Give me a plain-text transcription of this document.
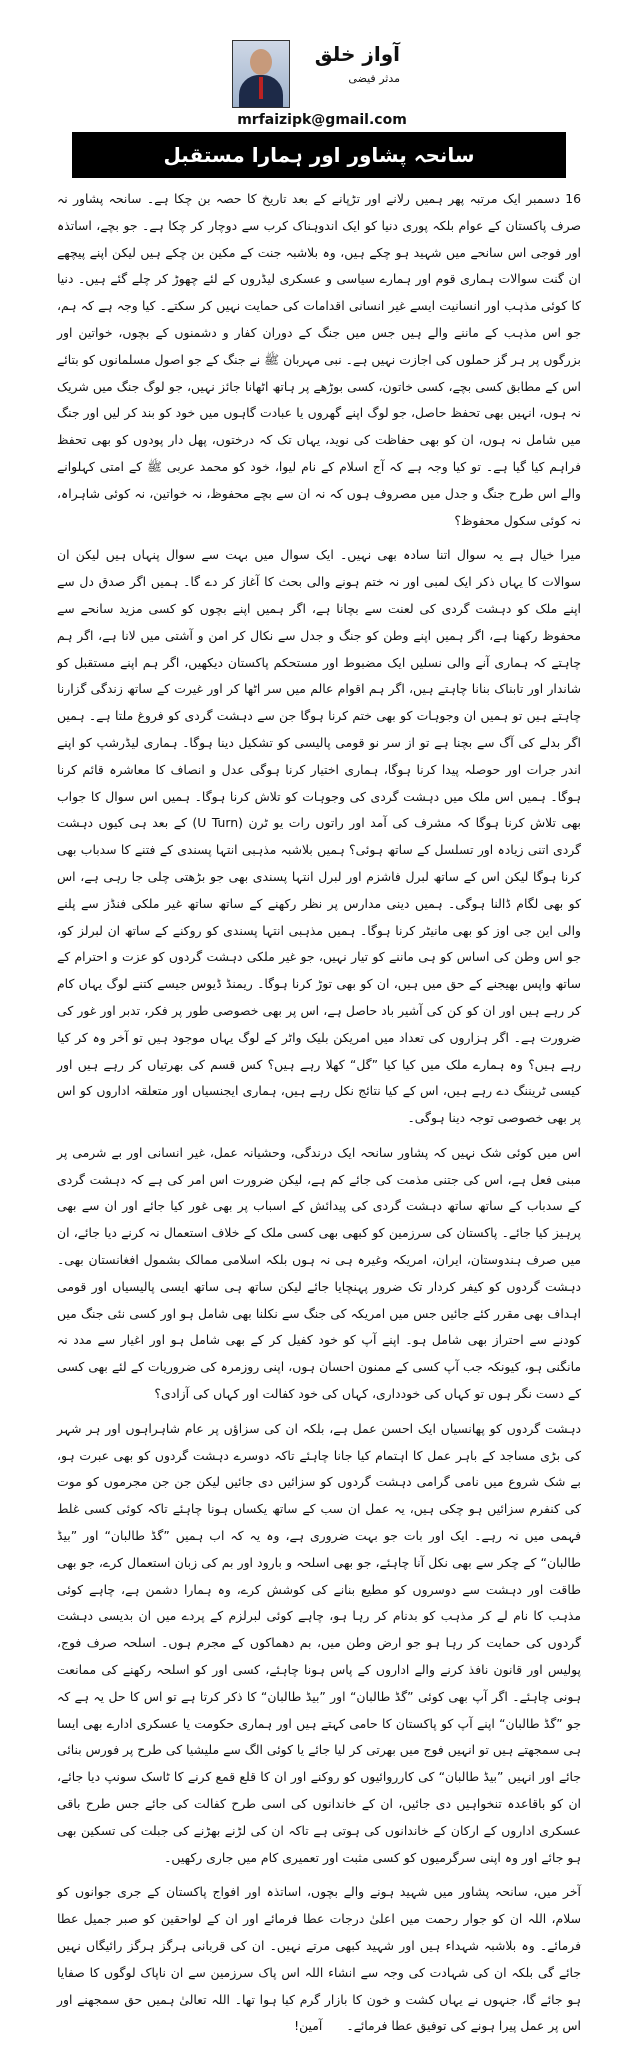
آواز خلق
مدثر فیضی
mrfaizipk@gmail.com
سانحہ پشاور اور ہمارا مستقبل

16 دسمبر ایک مرتبہ پھر ہمیں رلانے اور تڑپانے کے بعد تاریخ کا حصہ بن چکا ہے۔ سانحہ پشاور نہ صرف پاکستان کے عوام بلکہ پوری دنیا کو ایک اندوہناک کرب سے دوچار کر چکا ہے۔ جو بچے، اساتذہ اور فوجی اس سانحے میں شہید ہو چکے ہیں، وہ بلاشبہ جنت کے مکین بن چکے ہیں لیکن اپنے پیچھے ان گنت سوالات ہماری قوم اور ہمارے سیاسی و عسکری لیڈروں کے لئے چھوڑ کر چلے گئے ہیں۔ دنیا کا کوئی مذہب اور انسانیت ایسے غیر انسانی اقدامات کی حمایت نہیں کر سکتے۔ کیا وجہ ہے کہ ہم، جو اس مذہب کے ماننے والے ہیں جس میں جنگ کے دوران کفار و دشمنوں کے بچوں، خواتین اور بزرگوں پر ہر گز حملوں کی اجازت نہیں ہے۔ نبی مہربان ﷺ نے جنگ کے جو اصول مسلمانوں کو بتائے اس کے مطابق کسی بچے، کسی خاتون، کسی بوڑھے پر ہاتھ اٹھانا جائز نہیں، جو لوگ جنگ میں شریک نہ ہوں، انہیں بھی تحفظ حاصل، جو لوگ اپنے گھروں یا عبادت گاہوں میں خود کو بند کر لیں اور جنگ میں شامل نہ ہوں، ان کو بھی حفاظت کی نوید، یہاں تک کہ درختوں، پھل دار پودوں کو بھی تحفظ فراہم کیا گیا ہے۔ تو کیا وجہ ہے کہ آج اسلام کے نام لیوا، خود کو محمد عربی ﷺ کے امتی کہلوانے والے اس طرح جنگ و جدل میں مصروف ہوں کہ نہ ان سے بچے محفوظ، نہ خواتین، نہ کوئی شاہراہ، نہ کوئی سکول محفوظ؟

میرا خیال ہے یہ سوال اتنا سادہ بھی نہیں۔ ایک سوال میں بہت سے سوال پنہاں ہیں لیکن ان سوالات کا یہاں ذکر ایک لمبی اور نہ ختم ہونے والی بحث کا آغاز کر دے گا۔ ہمیں اگر صدق دل سے اپنے ملک کو دہشت گردی کی لعنت سے بچانا ہے، اگر ہمیں اپنے بچوں کو کسی مزید سانحے سے محفوظ رکھنا ہے، اگر ہمیں اپنے وطن کو جنگ و جدل سے نکال کر امن و آشتی میں لانا ہے، اگر ہم چاہتے کہ ہماری آنے والی نسلیں ایک مضبوط اور مستحکم پاکستان دیکھیں، اگر ہم اپنے مستقبل کو شاندار اور تابناک بنانا چاہتے ہیں، اگر ہم اقوام عالم میں سر اٹھا کر اور غیرت کے ساتھ زندگی گزارنا چاہتے ہیں تو ہمیں ان وجوہات کو بھی ختم کرنا ہوگا جن سے دہشت گردی کو فروغ ملتا ہے۔ ہمیں اگر بدلے کی آگ سے بچنا ہے تو از سر نو قومی پالیسی کو تشکیل دینا ہوگا۔ ہماری لیڈرشپ کو اپنے اندر جرات اور حوصلہ پیدا کرنا ہوگا، ہماری اختیار کرنا ہوگی عدل و انصاف کا معاشرہ قائم کرنا ہوگا۔ ہمیں اس ملک میں دہشت گردی کی وجوہات کو تلاش کرنا ہوگا۔ ہمیں اس سوال کا جواب بھی تلاش کرنا ہوگا کہ مشرف کی آمد اور راتوں رات یو ٹرن (U Turn) کے بعد ہی کیوں دہشت گردی اتنی زیادہ اور تسلسل کے ساتھ ہوئی؟ ہمیں بلاشبہ مذہبی انتہا پسندی کے فتنے کا سدباب بھی کرنا ہوگا لیکن اس کے ساتھ لبرل فاشزم اور لبرل انتہا پسندی بھی جو بڑھتی چلی جا رہی ہے، اس کو بھی لگام ڈالنا ہوگی۔ ہمیں دینی مدارس پر نظر رکھنے کے ساتھ ساتھ غیر ملکی فنڈز سے پلنے والی این جی اوز کو بھی مانیٹر کرنا ہوگا۔ ہمیں مذہبی انتہا پسندی کو روکنے کے ساتھ ان لبرلز کو، جو اس وطن کی اساس کو ہی ماننے کو تیار نہیں، جو غیر ملکی دہشت گردوں کو عزت و احترام کے ساتھ واپس بھیجنے کے حق میں ہیں، ان کو بھی توڑ کرنا ہوگا۔ ریمنڈ ڈیوس جیسے کتنے لوگ یہاں کام کر رہے ہیں اور ان کو کن کی آشیر باد حاصل ہے، اس پر بھی خصوصی طور پر فکر، تدبر اور غور کی ضرورت ہے۔ اگر ہزاروں کی تعداد میں امریکن بلیک واٹر کے لوگ یہاں موجود ہیں تو آخر وہ کر کیا رہے ہیں؟ وہ ہمارے ملک میں کیا کیا ”گل“ کھلا رہے ہیں؟ کس قسم کی بھرتیاں کر رہے ہیں اور کیسی ٹریننگ دے رہے ہیں، اس کے کیا نتائج نکل رہے ہیں، ہماری ایجنسیاں اور متعلقہ اداروں کو اس پر بھی خصوصی توجہ دینا ہوگی۔

اس میں کوئی شک نہیں کہ پشاور سانحہ ایک درندگی، وحشیانہ عمل، غیر انسانی اور بے شرمی پر مبنی فعل ہے، اس کی جتنی مذمت کی جائے کم ہے، لیکن ضرورت اس امر کی ہے کہ دہشت گردی کے سدباب کے ساتھ ساتھ دہشت گردی کی پیدائش کے اسباب پر بھی غور کیا جائے اور ان سے بھی پرہیز کیا جائے۔ پاکستان کی سرزمین کو کبھی بھی کسی ملک کے خلاف استعمال نہ کرنے دیا جائے، ان میں صرف ہندوستان، ایران، امریکہ وغیرہ ہی نہ ہوں بلکہ اسلامی ممالک بشمول افغانستان بھی۔ دہشت گردوں کو کیفر کردار تک ضرور پہنچایا جائے لیکن ساتھ ہی ساتھ ایسی پالیسیاں اور قومی اہداف بھی مقرر کئے جائیں جس میں امریکہ کی جنگ سے نکلنا بھی شامل ہو اور کسی نئی جنگ میں کودنے سے احتراز بھی شامل ہو۔ اپنے آپ کو خود کفیل کر کے بھی شامل ہو اور اغیار سے مدد نہ مانگنی ہو، کیونکہ جب آپ کسی کے ممنون احسان ہوں، اپنی روزمرہ کی ضروریات کے لئے بھی کسی کے دست نگر ہوں تو کہاں کی خودداری، کہاں کی خود کفالت اور کہاں کی آزادی؟

دہشت گردوں کو پھانسیاں ایک احسن عمل ہے، بلکہ ان کی سزاؤں پر عام شاہراہوں اور ہر شہر کی بڑی مساجد کے باہر عمل کا اہتمام کیا جانا چاہئے تاکہ دوسرے دہشت گردوں کو بھی عبرت ہو، بے شک شروع میں نامی گرامی دہشت گردوں کو سزائیں دی جائیں لیکن جن جن مجرموں کو موت کی کنفرم سزائیں ہو چکی ہیں، یہ عمل ان سب کے ساتھ یکساں ہونا چاہئے تاکہ کوئی کسی غلط فہمی میں نہ رہے۔ ایک اور بات جو بہت ضروری ہے، وہ یہ کہ اب ہمیں ”گڈ طالبان“ اور ”بیڈ طالبان“ کے چکر سے بھی نکل آنا چاہئے، جو بھی اسلحہ و بارود اور بم کی زبان استعمال کرے، جو بھی طاقت اور دہشت سے دوسروں کو مطیع بنانے کی کوشش کرے، وہ ہمارا دشمن ہے، چاہے کوئی مذہب کا نام لے کر مذہب کو بدنام کر رہا ہو، چاہے کوئی لبرلزم کے پردے میں ان بدیسی دہشت گردوں کی حمایت کر رہا ہو جو ارض وطن میں، بم دھماکوں کے مجرم ہوں۔ اسلحہ صرف فوج، پولیس اور قانون نافذ کرنے والے اداروں کے پاس ہونا چاہئے، کسی اور کو اسلحہ رکھنے کی ممانعت ہونی چاہئے۔ اگر آپ بھی کوئی ”گڈ طالبان“ اور ”بیڈ طالبان“ کا ذکر کرتا ہے تو اس کا حل یہ ہے کہ جو ”گڈ طالبان“ اپنے آپ کو پاکستان کا حامی کہتے ہیں اور ہماری حکومت یا عسکری ادارے بھی ایسا ہی سمجھتے ہیں تو انہیں فوج میں بھرتی کر لیا جائے یا کوئی الگ سے ملیشیا کی طرح پر فورس بنائی جائے اور انہیں ”بیڈ طالبان“ کی کارروائیوں کو روکنے اور ان کا قلع قمع کرنے کا ٹاسک سونپ دیا جائے، ان کو باقاعدہ تنخواہیں دی جائیں، ان کے خاندانوں کی اسی طرح کفالت کی جائے جس طرح باقی عسکری اداروں کے ارکان کے خاندانوں کی ہوتی ہے تاکہ ان کی لڑنے بھڑنے کی جبلت کی تسکین بھی ہو جائے اور وہ اپنی سرگرمیوں کو کسی مثبت اور تعمیری کام میں جاری رکھیں۔

آخر میں، سانحہ پشاور میں شہید ہونے والے بچوں، اساتذہ اور افواج پاکستان کے جری جوانوں کو سلام، اللہ ان کو جوار رحمت میں اعلیٰ درجات عطا فرمائے اور ان کے لواحقین کو صبر جمیل عطا فرمائے۔ وہ بلاشبہ شہداء ہیں اور شہید کبھی مرتے نہیں۔ ان کی قربانی ہرگز ہرگز رائیگاں نہیں جائے گی بلکہ ان کی شہادت کی وجہ سے انشاء اللہ اس پاک سرزمین سے ان ناپاک لوگوں کا صفایا ہو جائے گا، جنہوں نے یہاں کشت و خون کا بازار گرم کیا ہوا تھا۔ اللہ تعالیٰ ہمیں حق سمجھنے اور اس پر عمل پیرا ہونے کی توفیق عطا فرمائے۔ آمین!
